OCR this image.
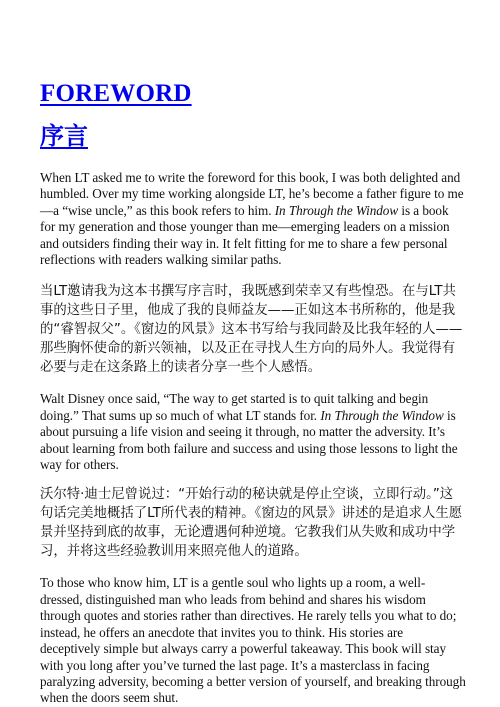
FOREWORD
序言

When LT asked me to write the foreword for this book, I was both delighted and humbled. Over my time working alongside LT, he’s become a father figure to me—a “wise uncle,” as this book refers to him. In Through the Window is a book for my generation and those younger than me—emerging leaders on a mission and outsiders finding their way in. It felt fitting for me to share a few personal reflections with readers walking similar paths.

当LT邀请我为这本书撰写序言时，我既感到荣幸又有些惶恐。在与LT共事的这些日子里，他成了我的良师益友——正如这本书所称的，他是我的“睿智叔父”。《窗边的风景》这本书写给与我同龄及比我年轻的人——那些胸怀使命的新兴领袖，以及正在寻找人生方向的局外人。我觉得有必要与走在这条路上的读者分享一些个人感悟。

Walt Disney once said, “The way to get started is to quit talking and begin doing.” That sums up so much of what LT stands for. In Through the Window is about pursuing a life vision and seeing it through, no matter the adversity. It’s about learning from both failure and success and using those lessons to light the way for others.

沃尔特·迪士尼曾说过：“开始行动的秘诀就是停止空谈，立即行动。”这句话完美地概括了LT所代表的精神。《窗边的风景》讲述的是追求人生愿景并坚持到底的故事，无论遭遇何种逆境。它教我们从失败和成功中学习，并将这些经验教训用来照亮他人的道路。

To those who know him, LT is a gentle soul who lights up a room, a well-dressed, distinguished man who leads from behind and shares his wisdom through quotes and stories rather than directives. He rarely tells you what to do; instead, he offers an anecdote that invites you to think. His stories are deceptively simple but always carry a powerful takeaway. This book will stay with you long after you’ve turned the last page. It’s a masterclass in facing paralyzing adversity, becoming a better version of yourself, and breaking through when the doors seem shut.
